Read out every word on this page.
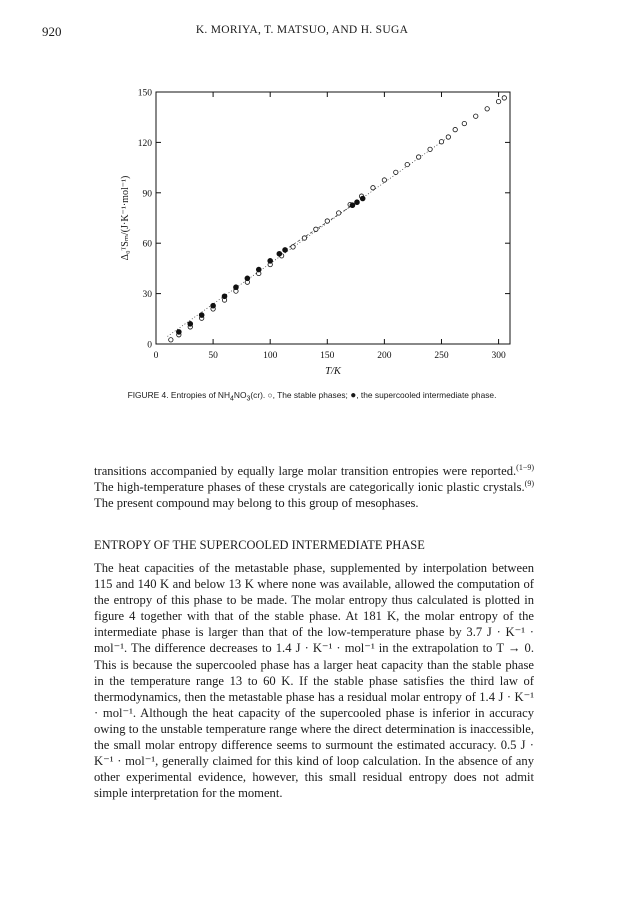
920	K. MORIYA, T. MATSUO, AND H. SUGA
0	50	100	150	200	250	300
0
30
60
90
120
150
T/K
Δ₀ᵀSₘ/(J·K⁻¹·mol⁻¹)
FIGURE 4. Entropies of $NH_4NO_3(cr)$. ○, The stable phases; ●, the supercooled intermediate phase.

transitions accompanied by equally large molar transition entropies were reported.$^{(1-9)}$ The high-temperature phases of these crystals are categorically ionic plastic crystals.$^{(9)}$ The present compound may belong to this group of mesophases.

ENTROPY OF THE SUPERCOOLED INTERMEDIATE PHASE

The heat capacities of the metastable phase, supplemented by interpolation between 115 and 140 K and below 13 K where none was available, allowed the computation of the entropy of this phase to be made. The molar entropy thus calculated is plotted in figure 4 together with that of the stable phase. At 181 K, the molar entropy of the intermediate phase is larger than that of the low-temperature phase by 3.7 J · K⁻¹ · mol⁻¹. The difference decreases to 1.4 J · K⁻¹ · mol⁻¹ in the extrapolation to T → 0. This is because the supercooled phase has a larger heat capacity than the stable phase in the temperature range 13 to 60 K. If the stable phase satisfies the third law of thermodynamics, then the metastable phase has a residual molar entropy of 1.4 J · K⁻¹ · mol⁻¹. Although the heat capacity of the supercooled phase is inferior in accuracy owing to the unstable temperature range where the direct determination is inaccessible, the small molar entropy difference seems to surmount the estimated accuracy. 0.5 J · K⁻¹ · mol⁻¹, generally claimed for this kind of loop calculation. In the absence of any other experimental evidence, however, this small residual entropy does not admit simple interpretation for the moment.
